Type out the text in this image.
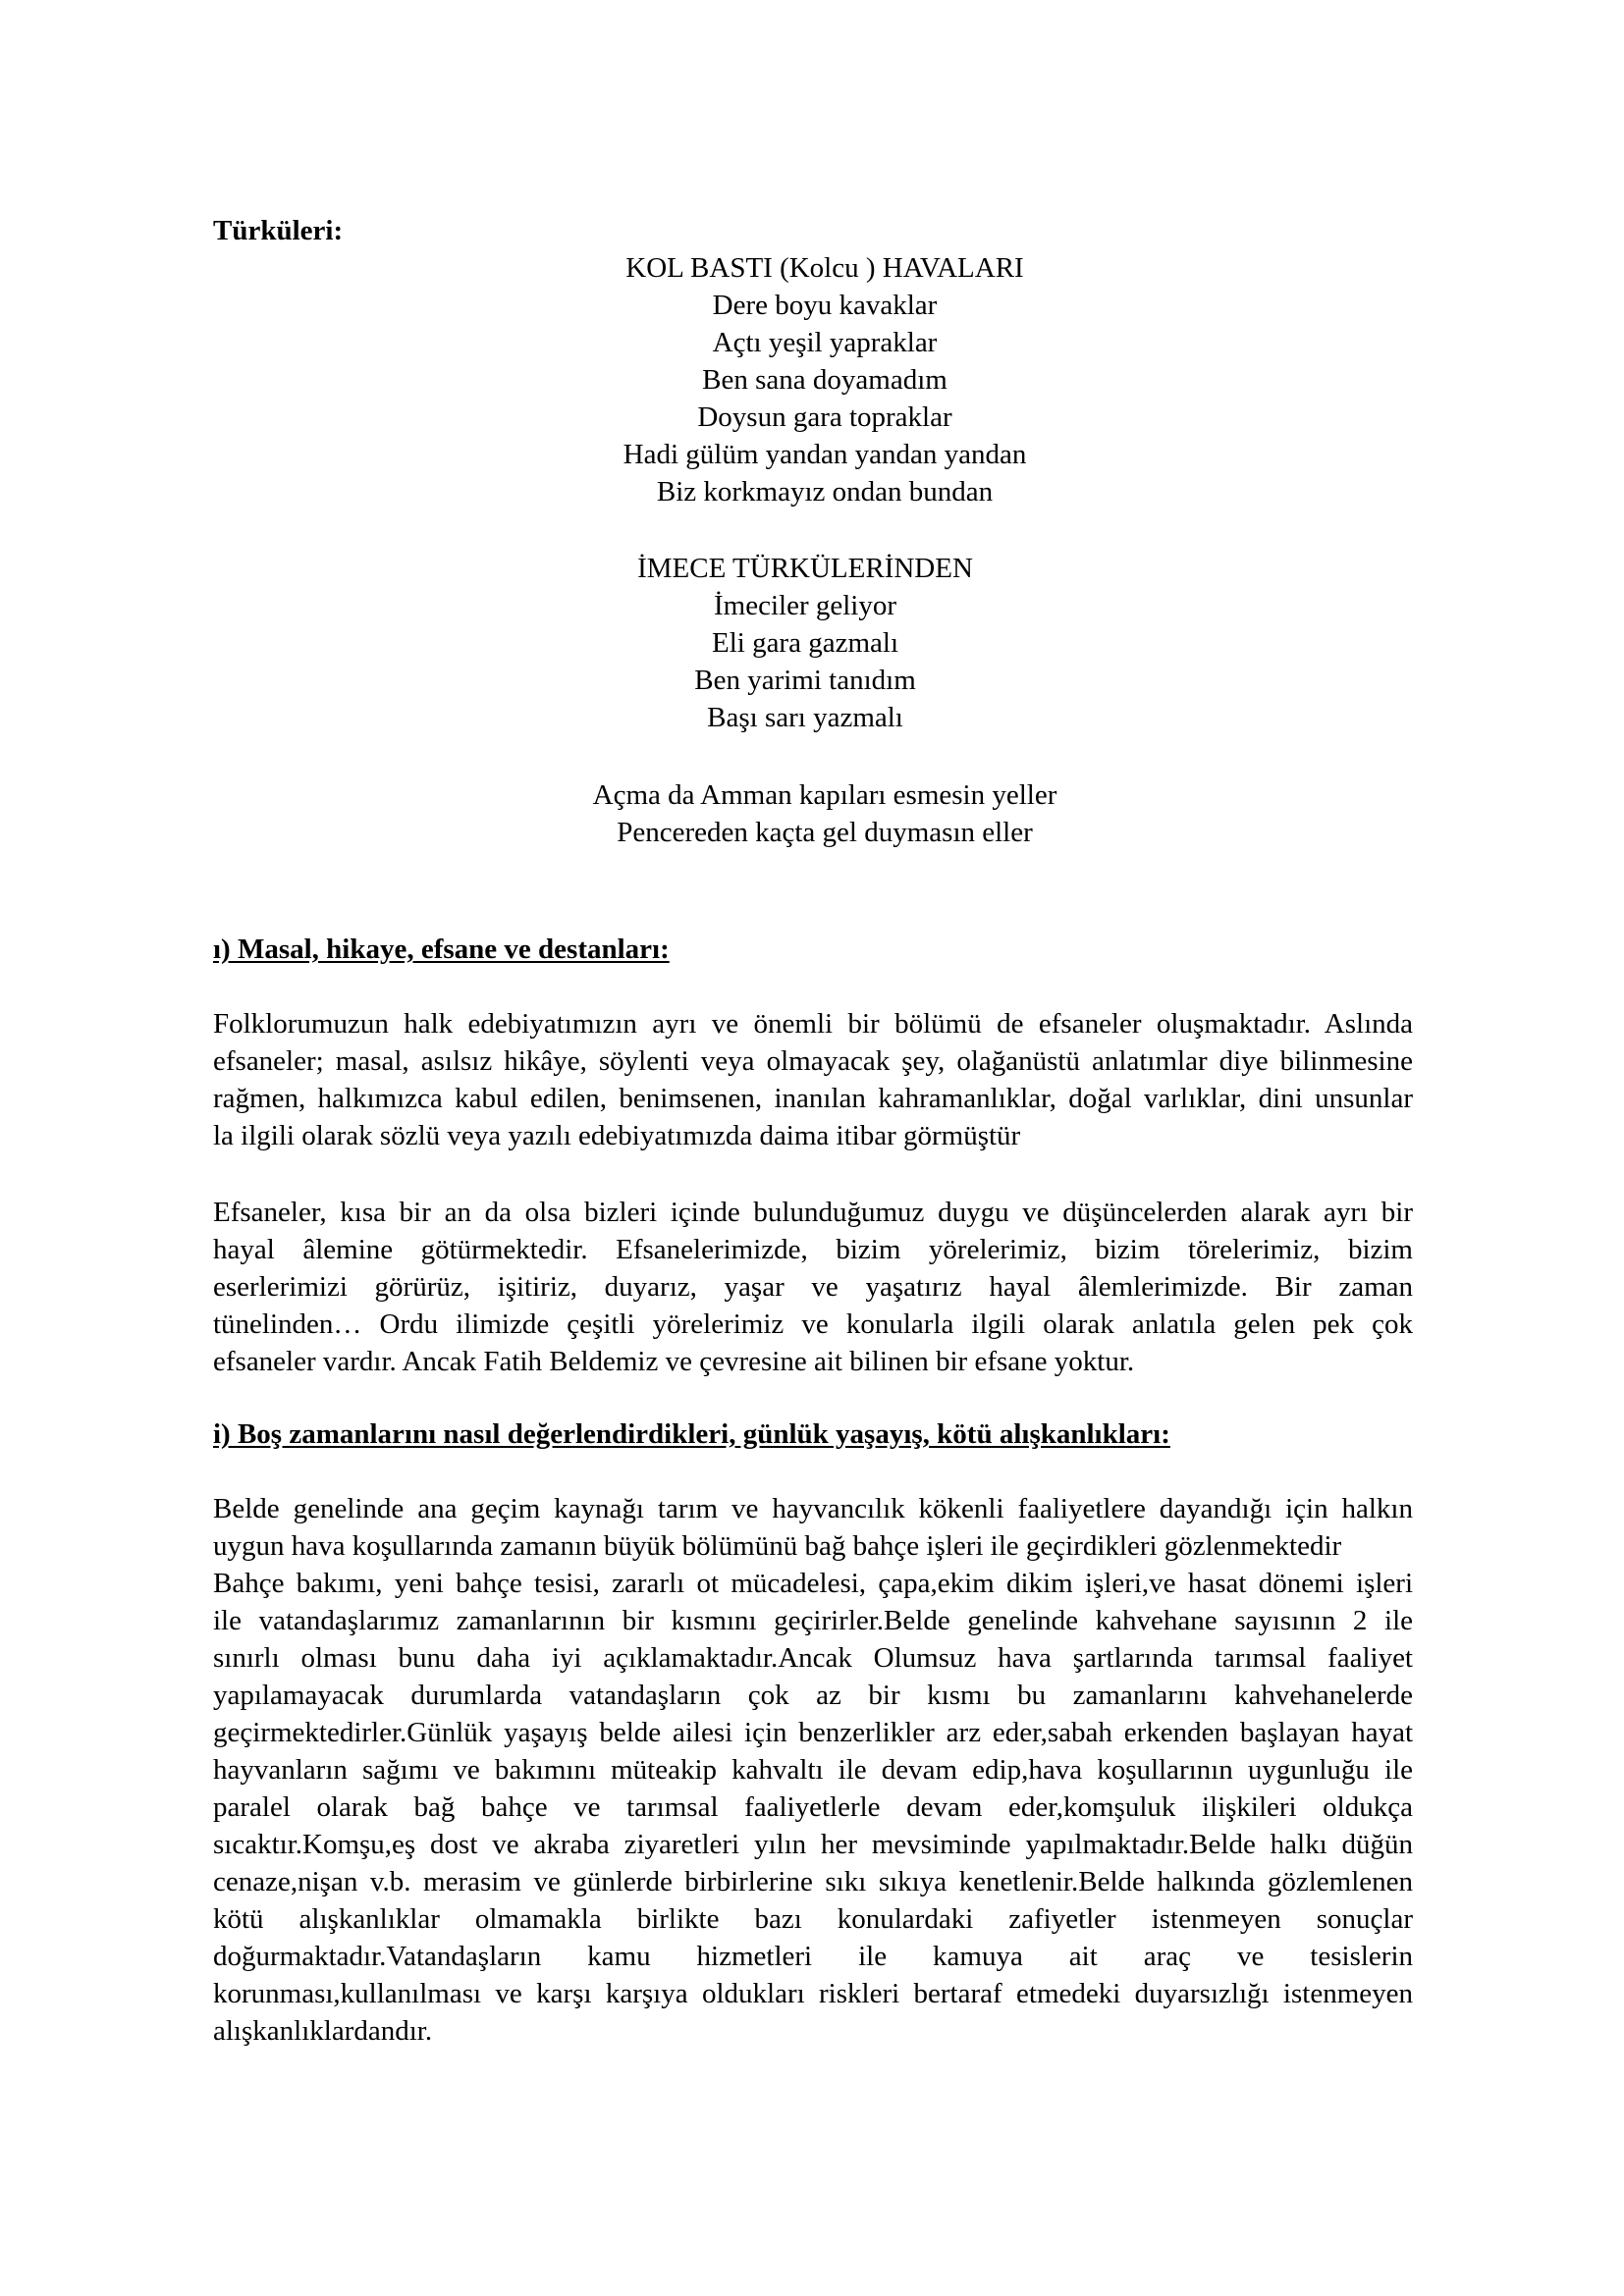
Türküleri:
KOL BASTI (Kolcu ) HAVALARI
Dere boyu kavaklar
Açtı yeşil yapraklar
Ben sana doyamadım
Doysun gara topraklar
Hadi gülüm yandan yandan yandan
Biz korkmayız ondan bundan
İMECE TÜRKÜLERİNDEN
İmeciler geliyor
Eli gara gazmalı
Ben yarimi tanıdım
Başı sarı yazmalı
Açma da Amman kapıları esmesin yeller
Pencereden kaçta gel duymasın eller
ı) Masal, hikaye, efsane ve destanları:
Folklorumuzun halk edebiyatımızın ayrı ve önemli bir bölümü de efsaneler oluşmaktadır. Aslında
efsaneler; masal, asılsız hikâye, söylenti veya olmayacak şey, olağanüstü anlatımlar diye bilinmesine
rağmen, halkımızca kabul edilen, benimsenen, inanılan kahramanlıklar, doğal varlıklar, dini unsunlar
la ilgili olarak sözlü veya yazılı edebiyatımızda daima itibar görmüştür
Efsaneler, kısa bir an da olsa bizleri içinde bulunduğumuz duygu ve düşüncelerden alarak ayrı bir
hayal âlemine götürmektedir. Efsanelerimizde, bizim yörelerimiz, bizim törelerimiz, bizim
eserlerimizi görürüz, işitiriz, duyarız, yaşar ve yaşatırız hayal âlemlerimizde. Bir zaman
tünelinden… Ordu ilimizde çeşitli yörelerimiz ve konularla ilgili olarak anlatıla gelen pek çok
efsaneler vardır. Ancak Fatih Beldemiz ve çevresine ait bilinen bir efsane yoktur.
i) Boş zamanlarını nasıl değerlendirdikleri, günlük yaşayış, kötü alışkanlıkları:
Belde genelinde ana geçim kaynağı tarım ve hayvancılık kökenli faaliyetlere dayandığı için halkın
uygun hava koşullarında zamanın büyük bölümünü bağ bahçe işleri ile geçirdikleri gözlenmektedir
Bahçe bakımı, yeni bahçe tesisi, zararlı ot mücadelesi, çapa,ekim dikim işleri,ve hasat dönemi işleri
ile vatandaşlarımız zamanlarının bir kısmını geçirirler.Belde genelinde kahvehane sayısının 2 ile
sınırlı olması bunu daha iyi açıklamaktadır.Ancak Olumsuz hava şartlarında tarımsal faaliyet
yapılamayacak durumlarda vatandaşların çok az bir kısmı bu zamanlarını kahvehanelerde
geçirmektedirler.Günlük yaşayış belde ailesi için benzerlikler arz eder,sabah erkenden başlayan hayat
hayvanların sağımı ve bakımını müteakip kahvaltı ile devam edip,hava koşullarının uygunluğu ile
paralel olarak bağ bahçe ve tarımsal faaliyetlerle devam eder,komşuluk ilişkileri oldukça
sıcaktır.Komşu,eş dost ve akraba ziyaretleri yılın her mevsiminde yapılmaktadır.Belde halkı düğün
cenaze,nişan v.b. merasim ve günlerde birbirlerine sıkı sıkıya kenetlenir.Belde halkında gözlemlenen
kötü alışkanlıklar olmamakla birlikte bazı konulardaki zafiyetler istenmeyen sonuçlar
doğurmaktadır.Vatandaşların kamu hizmetleri ile kamuya ait araç ve tesislerin
korunması,kullanılması ve karşı karşıya oldukları riskleri bertaraf etmedeki duyarsızlığı istenmeyen
alışkanlıklardandır.
